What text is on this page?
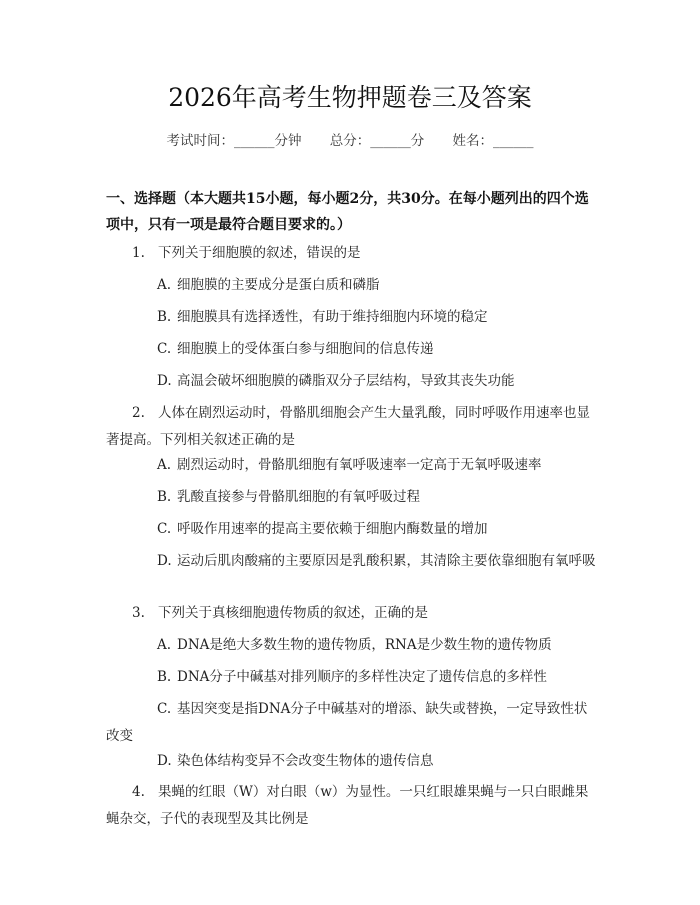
2026年高考生物押题卷三及答案
考试时间：______分钟 总分：______分 姓名：______
一、选择题（本大题共15小题，每小题2分，共30分。在每小题列出的四个选项中，只有一项是最符合题目要求的。）
1. 下列关于细胞膜的叙述，错误的是
A. 细胞膜的主要成分是蛋白质和磷脂
B. 细胞膜具有选择透性，有助于维持细胞内环境的稳定
C. 细胞膜上的受体蛋白参与细胞间的信息传递
D. 高温会破坏细胞膜的磷脂双分子层结构，导致其丧失功能
2. 人体在剧烈运动时，骨骼肌细胞会产生大量乳酸，同时呼吸作用速率也显著提高。下列相关叙述正确的是
A. 剧烈运动时，骨骼肌细胞有氧呼吸速率一定高于无氧呼吸速率
B. 乳酸直接参与骨骼肌细胞的有氧呼吸过程
C. 呼吸作用速率的提高主要依赖于细胞内酶数量的增加
D. 运动后肌肉酸痛的主要原因是乳酸积累，其清除主要依靠细胞有氧呼吸
3. 下列关于真核细胞遗传物质的叙述，正确的是
A. DNA是绝大多数生物的遗传物质，RNA是少数生物的遗传物质
B. DNA分子中碱基对排列顺序的多样性决定了遗传信息的多样性
C. 基因突变是指DNA分子中碱基对的增添、缺失或替换，一定导致性状改变
D. 染色体结构变异不会改变生物体的遗传信息
4. 果蝇的红眼（W）对白眼（w）为显性。一只红眼雄果蝇与一只白眼雌果蝇杂交，子代的表现型及其比例是
